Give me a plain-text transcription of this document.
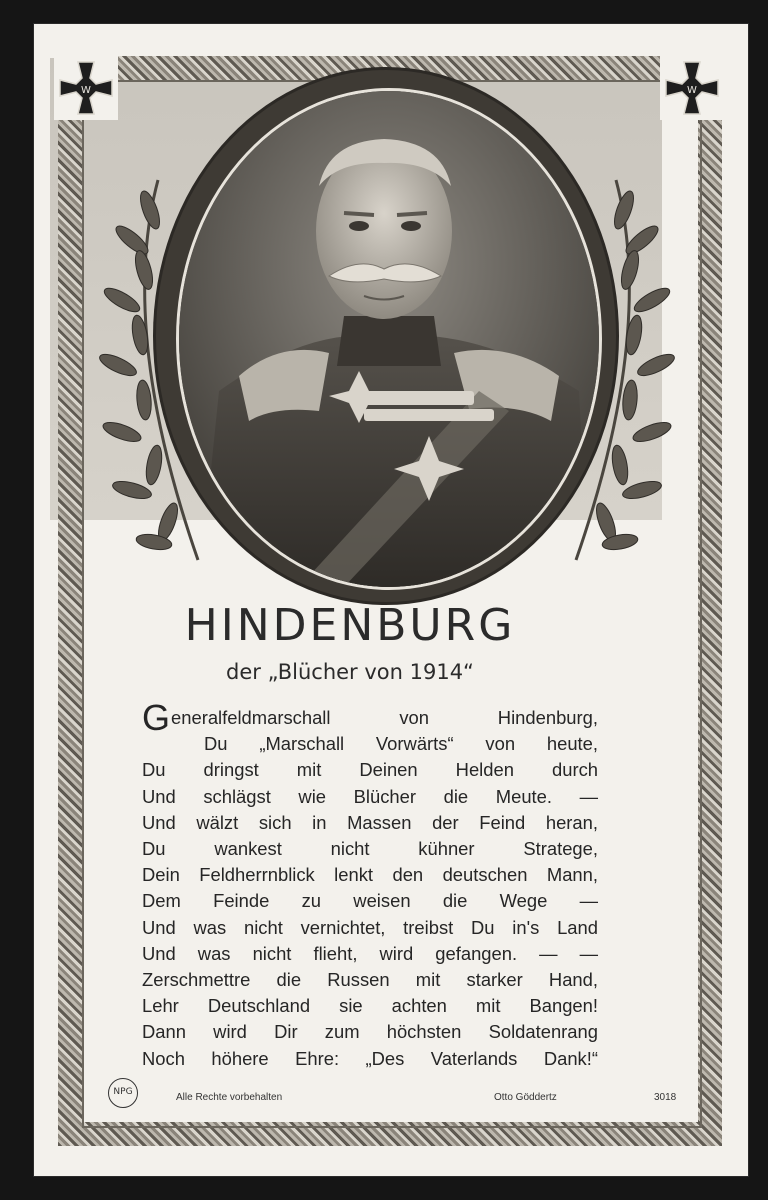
W	W
HINDENBURG
der „Blücher von 1914“
Generalfeldmarschall von Hindenburg,
Du „Marschall Vorwärts“ von heute,
Du dringst mit Deinen Helden durch
Und schlägst wie Blücher die Meute. —
Und wälzt sich in Massen der Feind heran,
Du wankest nicht kühner Stratege,
Dein Feldherrnblick lenkt den deutschen Mann,
Dem Feinde zu weisen die Wege —
Und was nicht vernichtet, treibst Du in's Land
Und was nicht flieht, wird gefangen. — —
Zerschmettre die Russen mit starker Hand,
Lehr Deutschland sie achten mit Bangen!
Dann wird Dir zum höchsten Soldatenrang
Noch höhere Ehre: „Des Vaterlands Dank!“
NPG	Alle Rechte vorbehalten	Otto Göddertz	3018
